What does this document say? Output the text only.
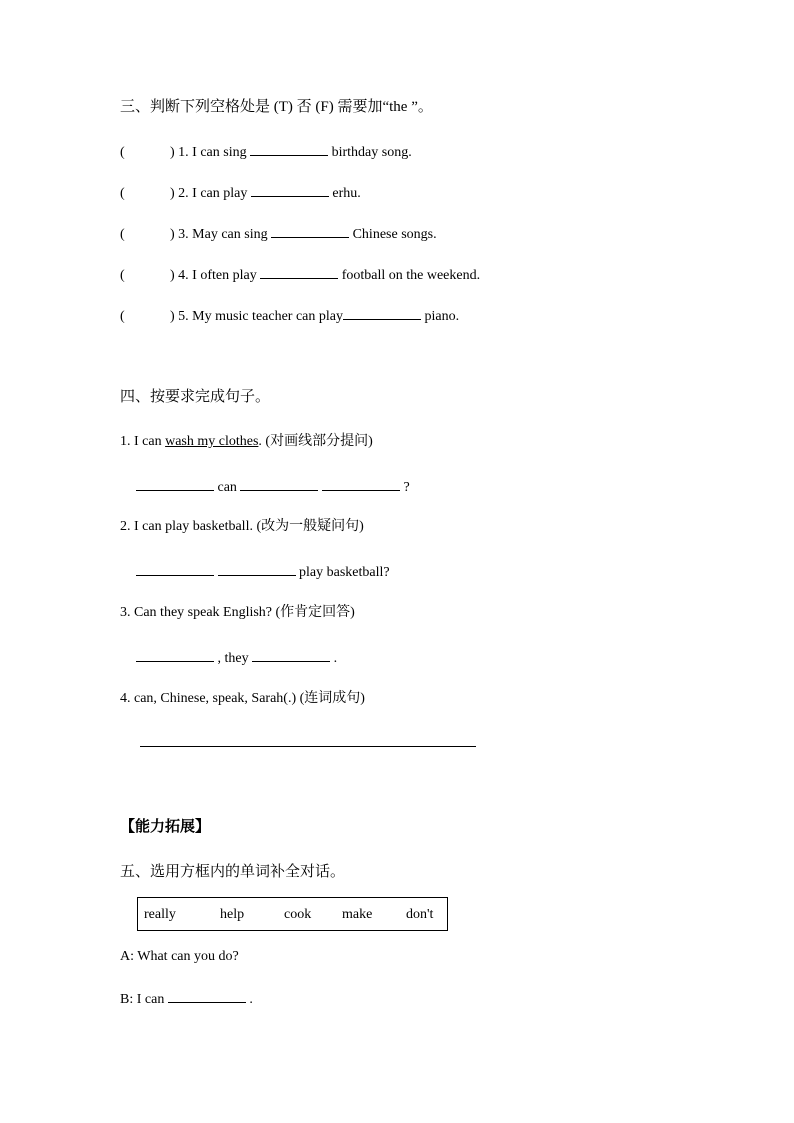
三、判断下列空格处是 (T) 否 (F) 需要加“the ”。
(	) 1. I can sing	birthday song.
(	) 2. I can play	erhu.
(	) 3. May can sing	Chinese songs.
(	) 4. I often play	football on the weekend.
(	) 5. My music teacher can play	piano.
四、按要求完成句子。
1. I can wash my clothes. (对画线部分提问)
can	?
2. I can play basketball. (改为一般疑问句)
play basketball?
3. Can they speak English? (作肯定回答)
, they	.
4. can, Chinese, speak, Sarah(.) (连词成句)
【能力拓展】
五、选用方框内的单词补全对话。
really	help	cook make don't
A: What can you do?
B: I can	.
